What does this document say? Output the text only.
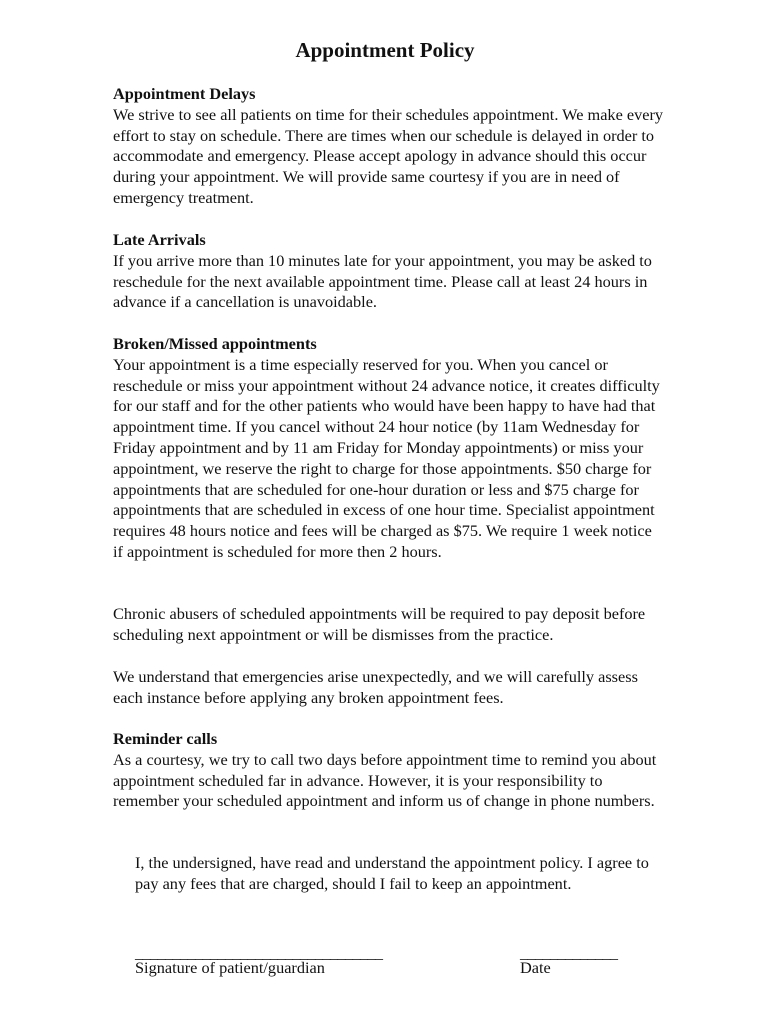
Appointment Policy

Appointment Delays

We strive to see all patients on time for their schedules appointment. We make every effort to stay on schedule. There are times when our schedule is delayed in order to accommodate and emergency. Please accept apology in advance should this occur during your appointment. We will provide same courtesy if you are in need of emergency treatment.

Late Arrivals

If you arrive more than 10 minutes late for your appointment, you may be asked to reschedule for the next available appointment time. Please call at least 24 hours in advance if a cancellation is unavoidable.

Broken/Missed appointments

Your appointment is a time especially reserved for you. When you cancel or reschedule or miss your appointment without 24 advance notice, it creates difficulty for our staff and for the other patients who would have been happy to have had that appointment time. If you cancel without 24 hour notice (by 11am Wednesday for Friday appointment and by 11 am Friday for Monday appointments) or miss your appointment, we reserve the right to charge for those appointments. $50 charge for appointments that are scheduled for one-hour duration or less and $75 charge for appointments that are scheduled in excess of one hour time. Specialist appointment requires 48 hours notice and fees will be charged as $75. We require 1 week notice if appointment is scheduled for more then 2 hours.

Chronic abusers of scheduled appointments will be required to pay deposit before scheduling next appointment or will be dismisses from the practice.

We understand that emergencies arise unexpectedly, and we will carefully assess each instance before applying any broken appointment fees.

Reminder calls

As a courtesy, we try to call two days before appointment time to remind you about appointment scheduled far in advance. However, it is your responsibility to remember your scheduled appointment and inform us of change in phone numbers.

I, the undersigned, have read and understand the appointment policy. I agree to pay any fees that are charged, should I fail to keep an appointment.
_________________________________
Signature of patient/guardian
_____________
Date
